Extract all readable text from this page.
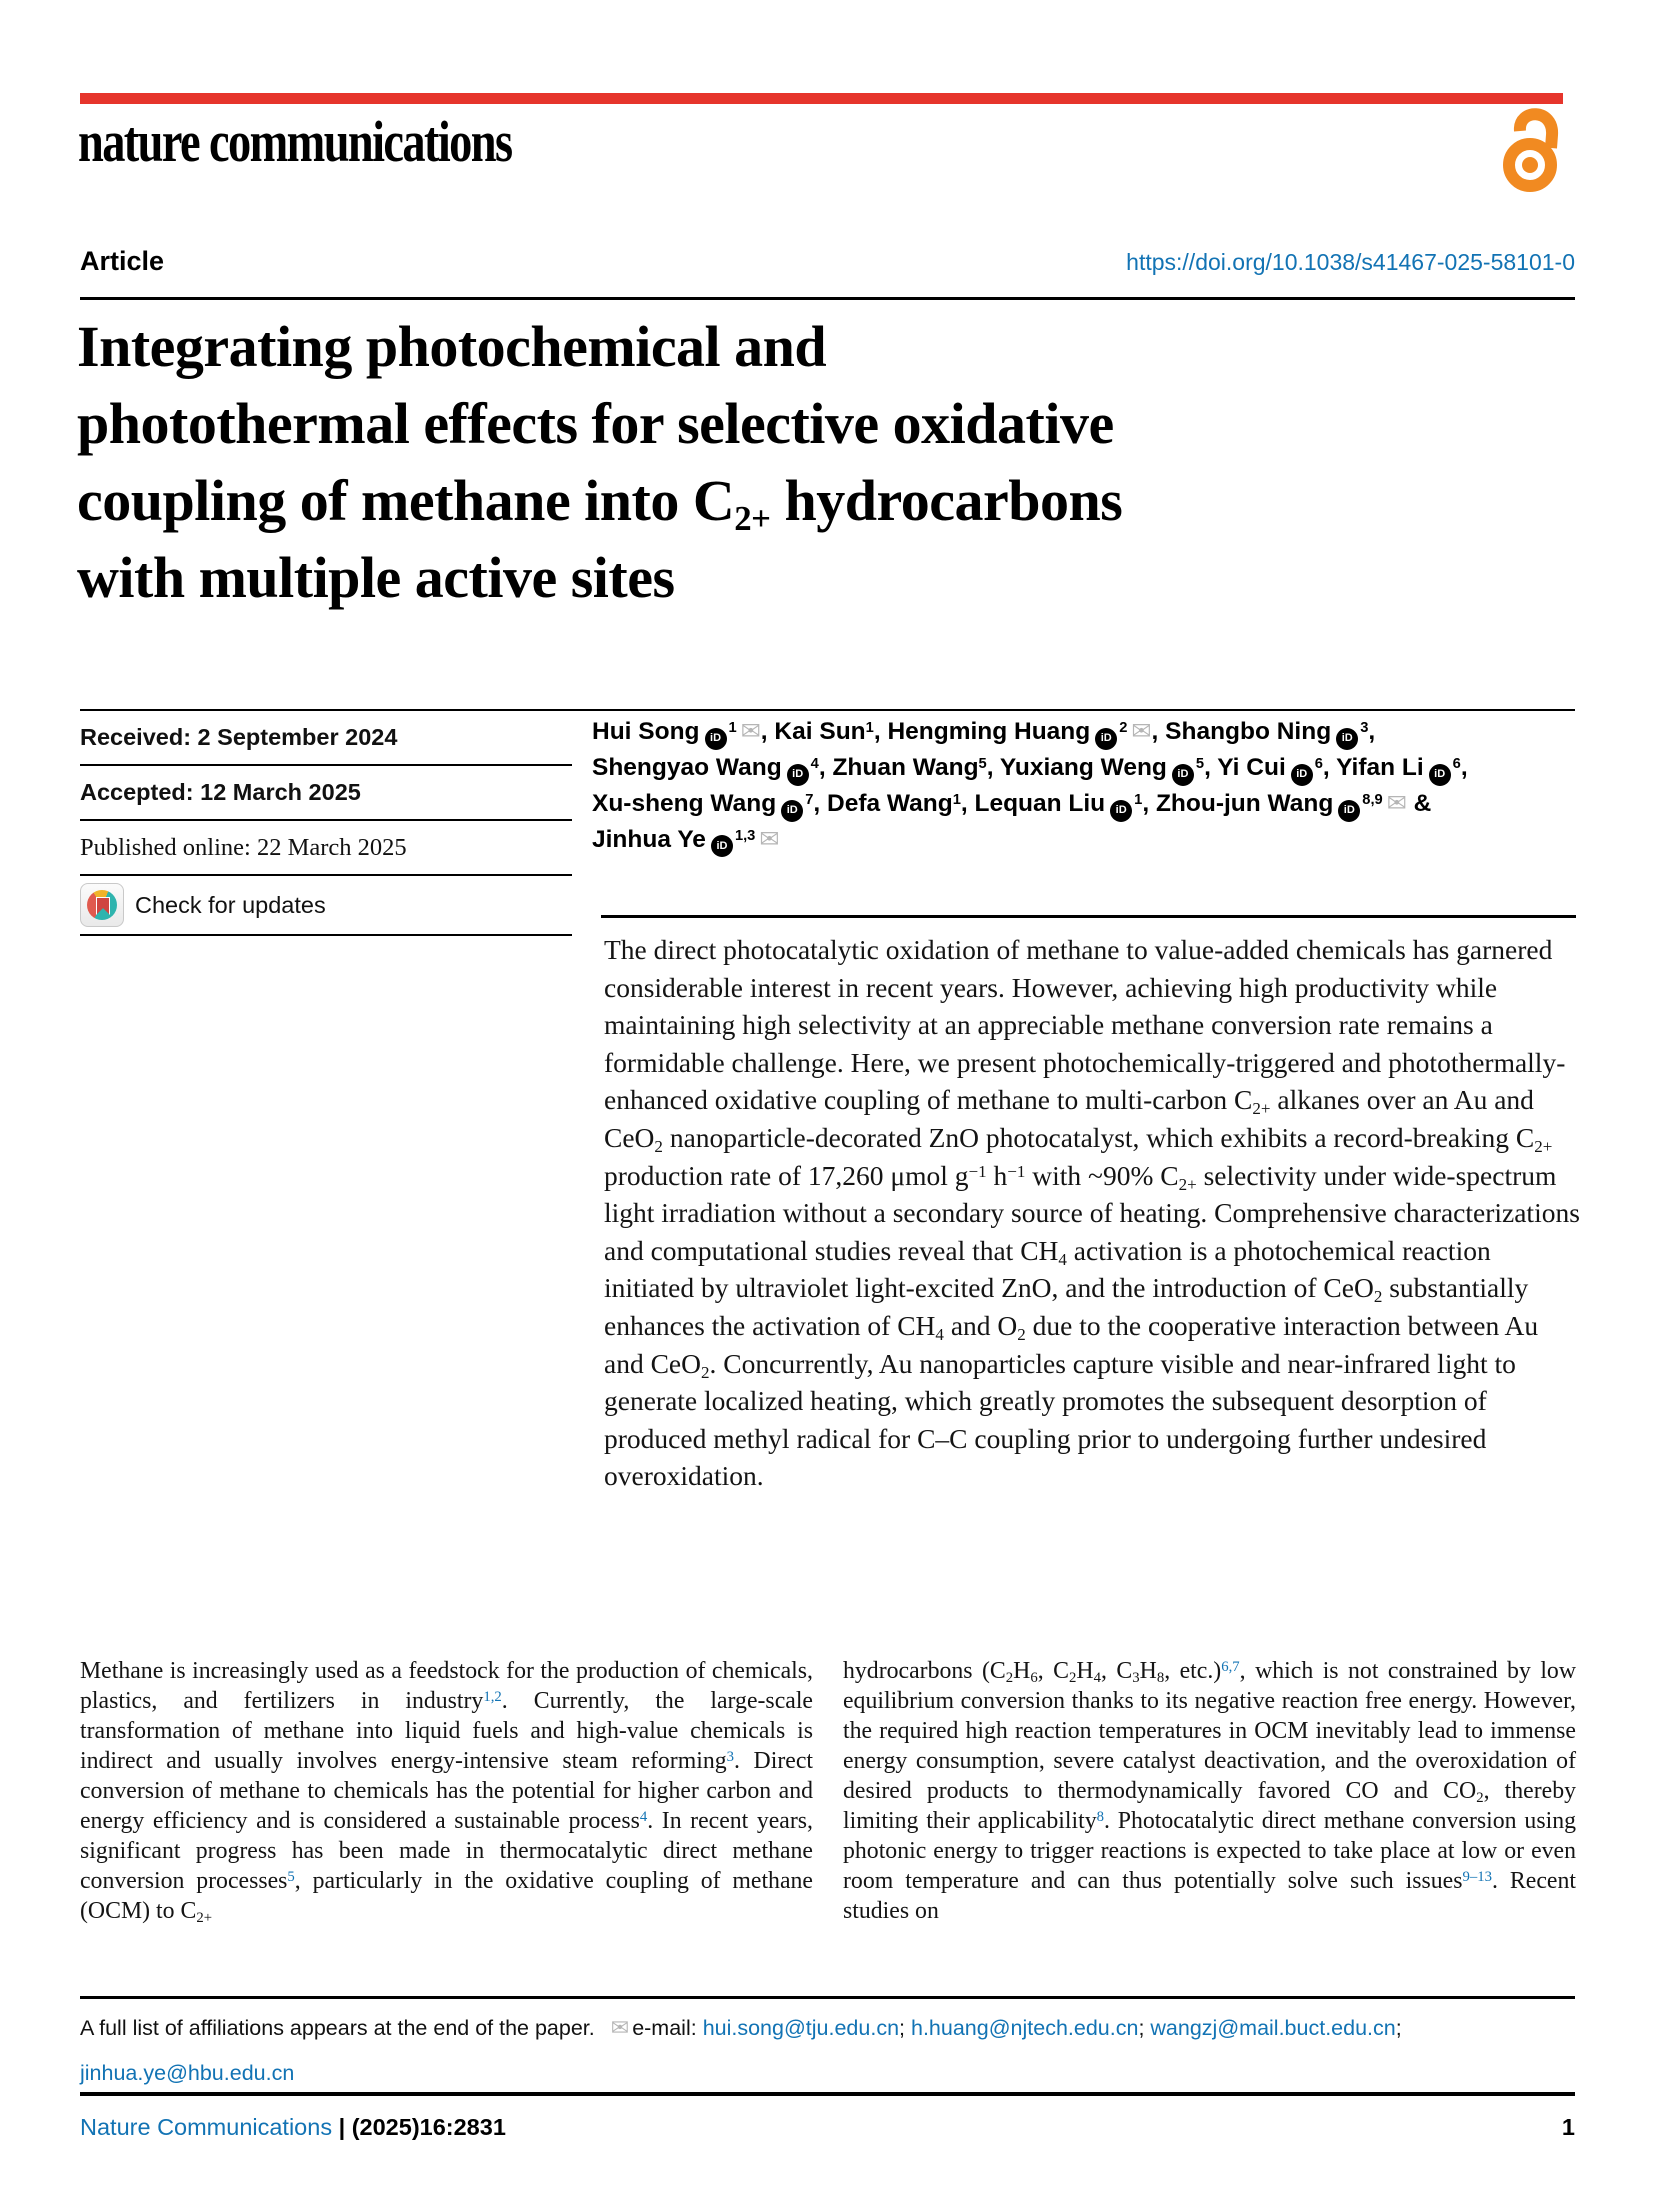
nature communications
Article	https://doi.org/10.1038/s41467-025-58101-0
Integrating photochemical and
photothermal effects for selective oxidative
coupling of methane into $C_{2+}$ hydrocarbons
with multiple active sites
Received: 2 September 2024
Accepted: 12 March 2025
Published online: 22 March 2025
Check for updates
Hui Song $iD^1$ ✉ , Kai Sun$^1$, Hengming Huang $iD^2$ ✉ , Shangbo Ning $iD^3$,
Shengyao Wang $iD^4$, Zhuan Wang$^5$, Yuxiang Weng $iD^5$, Yi Cui $iD^6$, Yifan Li $iD^6$,
Xu-sheng Wang $iD^7$, Defa Wang$^1$, Lequan Liu $iD^1$, Zhou-jun Wang iD$^{8,9}$✉ &
Jinhua Ye iD$^{1,3}$✉
The direct photocatalytic oxidation of methane to value-added chemicals has garnered considerable interest in recent years. However, achieving high productivity while maintaining high selectivity at an appreciable methane conversion rate remains a formidable challenge. Here, we present photochemically-triggered and photothermally-enhanced oxidative coupling of methane to multi-carbon $C_{2+}$ alkanes over an Au and CeO$_2$ nanoparticle-decorated ZnO photocatalyst, which exhibits a record-breaking $C_{2+}$ production rate of 17,260 μmol $g^{-1}$ $h^{-1}$ with ~90% $C_{2+}$ selectivity under wide-spectrum light irradiation without a secondary source of heating. Comprehensive characterizations and computational studies reveal that $CH_4$ activation is a photochemical reaction initiated by ultraviolet light-excited ZnO, and the introduction of CeO$_2$ substantially enhances the activation of $CH_4$ and $O_2$ due to the cooperative interaction between Au and CeO$_2$. Concurrently, Au nanoparticles capture visible and near-infrared light to generate localized heating, which greatly promotes the subsequent desorption of produced methyl radical for C–C coupling prior to undergoing further undesired overoxidation.
Methane is increasingly used as a feedstock for the production of chemicals, plastics, and fertilizers in industry$^{1,2}$. Currently, the large-scale transformation of methane into liquid fuels and high-value chemicals is indirect and usually involves energy-intensive steam reforming$^3$. Direct conversion of methane to chemicals has the potential for higher carbon and energy efficiency and is considered a sustainable process$^4$. In recent years, significant progress has been made in thermocatalytic direct methane conversion processes$^5$, particularly in the oxidative coupling of methane (OCM) to $C_{2+}$
hydrocarbons ($C_2H_6$, $C_2H_4$, $C_3H_8$, etc.)$^{6,7}$, which is not constrained by low equilibrium conversion thanks to its negative reaction free energy. However, the required high reaction temperatures in OCM inevitably lead to immense energy consumption, severe catalyst deactivation, and the overoxidation of desired products to thermodynamically favored CO and $CO_2$, thereby limiting their applicability$^8$. Photocatalytic direct methane conversion using photonic energy to trigger reactions is expected to take place at low or even room temperature and can thus potentially solve such issues$^{9-13}$. Recent studies on
A full list of affiliations appears at the end of the paper. ✉ e-mail: hui.song@tju.edu.cn; h.huang@njtech.edu.cn; wangzj@mail.buct.edu.cn; jinhua.ye@hbu.edu.cn
Nature Communications | (2025)16:2831	1
